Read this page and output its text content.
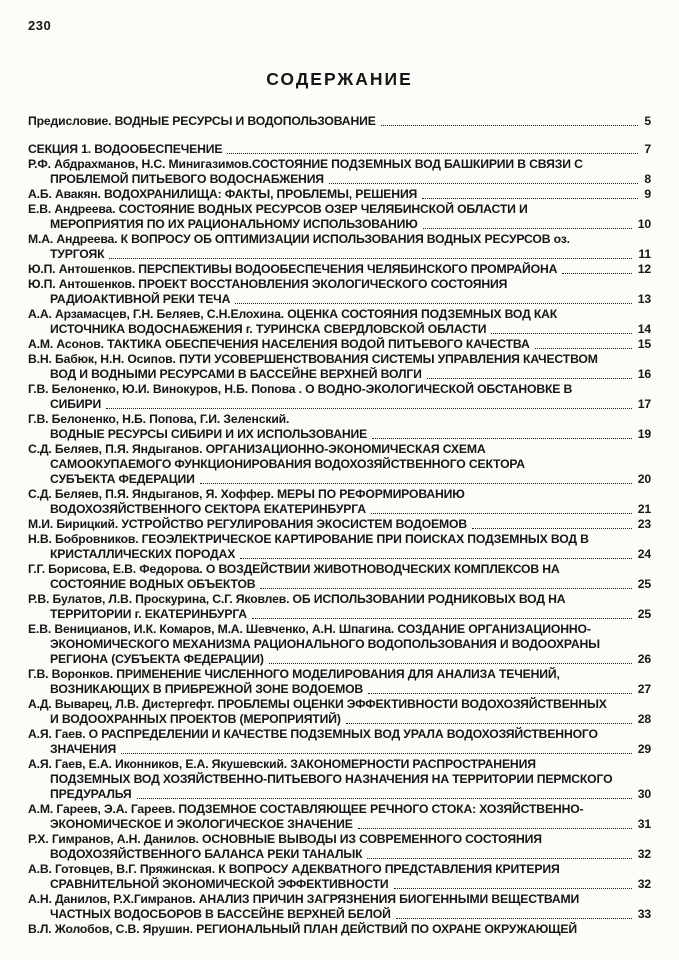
230
СОДЕРЖАНИЕ
Предисловие. ВОДНЫЕ РЕСУРСЫ И ВОДОПОЛЬЗОВАНИЕ	5
СЕКЦИЯ 1. ВОДООБЕСПЕЧЕНИЕ	7
Р.Ф. Абдрахманов, Н.С. Минигазимов.СОСТОЯНИЕ ПОДЗЕМНЫХ ВОД БАШКИРИИ В СВЯЗИ С
ПРОБЛЕМОЙ ПИТЬЕВОГО ВОДОСНАБЖЕНИЯ	8
А.Б. Авакян. ВОДОХРАНИЛИЩА: ФАКТЫ, ПРОБЛЕМЫ, РЕШЕНИЯ	9
Е.В. Андреева. СОСТОЯНИЕ ВОДНЫХ РЕСУРСОВ ОЗЕР ЧЕЛЯБИНСКОЙ ОБЛАСТИ И
МЕРОПРИЯТИЯ ПО ИХ РАЦИОНАЛЬНОМУ ИСПОЛЬЗОВАНИЮ	10
М.А. Андреева. К ВОПРОСУ ОБ ОПТИМИЗАЦИИ ИСПОЛЬЗОВАНИЯ ВОДНЫХ РЕСУРСОВ оз.
ТУРГОЯК	11
Ю.П. Антошенков. ПЕРСПЕКТИВЫ ВОДООБЕСПЕЧЕНИЯ ЧЕЛЯБИНСКОГО ПРОМРАЙОНА	12
Ю.П. Антошенков. ПРОЕКТ ВОССТАНОВЛЕНИЯ ЭКОЛОГИЧЕСКОГО СОСТОЯНИЯ
РАДИОАКТИВНОЙ РЕКИ ТЕЧА	13
А.А. Арзамасцев, Г.Н. Беляев, С.Н.Елохина. ОЦЕНКА СОСТОЯНИЯ ПОДЗЕМНЫХ ВОД КАК
ИСТОЧНИКА ВОДОСНАБЖЕНИЯ г. ТУРИНСКА СВЕРДЛОВСКОЙ ОБЛАСТИ	14
А.М. Асонов. ТАКТИКА ОБЕСПЕЧЕНИЯ НАСЕЛЕНИЯ ВОДОЙ ПИТЬЕВОГО КАЧЕСТВА	15
В.Н. Бабюк, Н.Н. Осипов. ПУТИ УСОВЕРШЕНСТВОВАНИЯ СИСТЕМЫ УПРАВЛЕНИЯ КАЧЕСТВОМ
ВОД И ВОДНЫМИ РЕСУРСАМИ В БАССЕЙНЕ ВЕРХНЕЙ ВОЛГИ	16
Г.В. Белоненко, Ю.И. Винокуров, Н.Б. Попова . О ВОДНО-ЭКОЛОГИЧЕСКОЙ ОБСТАНОВКЕ В
СИБИРИ	17
Г.В. Белоненко, Н.Б. Попова, Г.И. Зеленский.
ВОДНЫЕ РЕСУРСЫ СИБИРИ И ИХ ИСПОЛЬЗОВАНИЕ	19
С.Д. Беляев, П.Я. Яндыганов. ОРГАНИЗАЦИОННО-ЭКОНОМИЧЕСКАЯ СХЕМА
САМООКУПАЕМОГО ФУНКЦИОНИРОВАНИЯ ВОДОХОЗЯЙСТВЕННОГО СЕКТОРА
СУБЪЕКТА ФЕДЕРАЦИИ	20
С.Д. Беляев, П.Я. Яндыганов, Я. Хоффер. МЕРЫ ПО РЕФОРМИРОВАНИЮ
ВОДОХОЗЯЙСТВЕННОГО СЕКТОРА ЕКАТЕРИНБУРГА	21
М.И. Бирицкий. УСТРОЙСТВО РЕГУЛИРОВАНИЯ ЭКОСИСТЕМ ВОДОЕМОВ	23
Н.В. Бобровников. ГЕОЭЛЕКТРИЧЕСКОЕ КАРТИРОВАНИЕ ПРИ ПОИСКАХ ПОДЗЕМНЫХ ВОД В
КРИСТАЛЛИЧЕСКИХ ПОРОДАХ	24
Г.Г. Борисова, Е.В. Федорова. О ВОЗДЕЙСТВИИ ЖИВОТНОВОДЧЕСКИХ КОМПЛЕКСОВ НА
СОСТОЯНИЕ ВОДНЫХ ОБЪЕКТОВ	25
Р.В. Булатов, Л.В. Проскурина, С.Г. Яковлев. ОБ ИСПОЛЬЗОВАНИИ РОДНИКОВЫХ ВОД НА
ТЕРРИТОРИИ г. ЕКАТЕРИНБУРГА	25
Е.В. Веницианов, И.К. Комаров, М.А. Шевченко, А.Н. Шпагина. СОЗДАНИЕ ОРГАНИЗАЦИОННО-
ЭКОНОМИЧЕСКОГО МЕХАНИЗМА РАЦИОНАЛЬНОГО ВОДОПОЛЬЗОВАНИЯ И ВОДООХРАНЫ
РЕГИОНА (СУБЪЕКТА ФЕДЕРАЦИИ)	26
Г.В. Воронков. ПРИМЕНЕНИЕ ЧИСЛЕННОГО МОДЕЛИРОВАНИЯ ДЛЯ АНАЛИЗА ТЕЧЕНИЙ,
ВОЗНИКАЮЩИХ В ПРИБРЕЖНОЙ ЗОНЕ ВОДОЕМОВ	27
А.Д. Выварец, Л.В. Дистергефт. ПРОБЛЕМЫ ОЦЕНКИ ЭФФЕКТИВНОСТИ ВОДОХОЗЯЙСТВЕННЫХ
И ВОДООХРАННЫХ ПРОЕКТОВ (МЕРОПРИЯТИЙ)	28
А.Я. Гаев. О РАСПРЕДЕЛЕНИИ И КАЧЕСТВЕ ПОДЗЕМНЫХ ВОД УРАЛА ВОДОХОЗЯЙСТВЕННОГО
ЗНАЧЕНИЯ	29
А.Я. Гаев, Е.А. Иконников, Е.А. Якушевский. ЗАКОНОМЕРНОСТИ РАСПРОСТРАНЕНИЯ
ПОДЗЕМНЫХ ВОД ХОЗЯЙСТВЕННО-ПИТЬЕВОГО НАЗНАЧЕНИЯ НА ТЕРРИТОРИИ ПЕРМСКОГО
ПРЕДУРАЛЬЯ	30
А.М. Гареев, Э.А. Гареев. ПОДЗЕМНОЕ СОСТАВЛЯЮЩЕЕ РЕЧНОГО СТОКА: ХОЗЯЙСТВЕННО-
ЭКОНОМИЧЕСКОЕ И ЭКОЛОГИЧЕСКОЕ ЗНАЧЕНИЕ	31
Р.Х. Гимранов, А.Н. Данилов. ОСНОВНЫЕ ВЫВОДЫ ИЗ СОВРЕМЕННОГО СОСТОЯНИЯ
ВОДОХОЗЯЙСТВЕННОГО БАЛАНСА РЕКИ ТАНАЛЫК	32
А.В. Готовцев, В.Г. Пряжинская. К ВОПРОСУ АДЕКВАТНОГО ПРЕДСТАВЛЕНИЯ КРИТЕРИЯ
СРАВНИТЕЛЬНОЙ ЭКОНОМИЧЕСКОЙ ЭФФЕКТИВНОСТИ	32
А.Н. Данилов, Р.Х.Гимранов. АНАЛИЗ ПРИЧИН ЗАГРЯЗНЕНИЯ БИОГЕННЫМИ ВЕЩЕСТВАМИ
ЧАСТНЫХ ВОДОСБОРОВ В БАССЕЙНЕ ВЕРХНЕЙ БЕЛОЙ	33
В.Л. Жолобов, С.В. Ярушин. РЕГИОНАЛЬНЫЙ ПЛАН ДЕЙСТВИЙ ПО ОХРАНЕ ОКРУЖАЮЩЕЙ
